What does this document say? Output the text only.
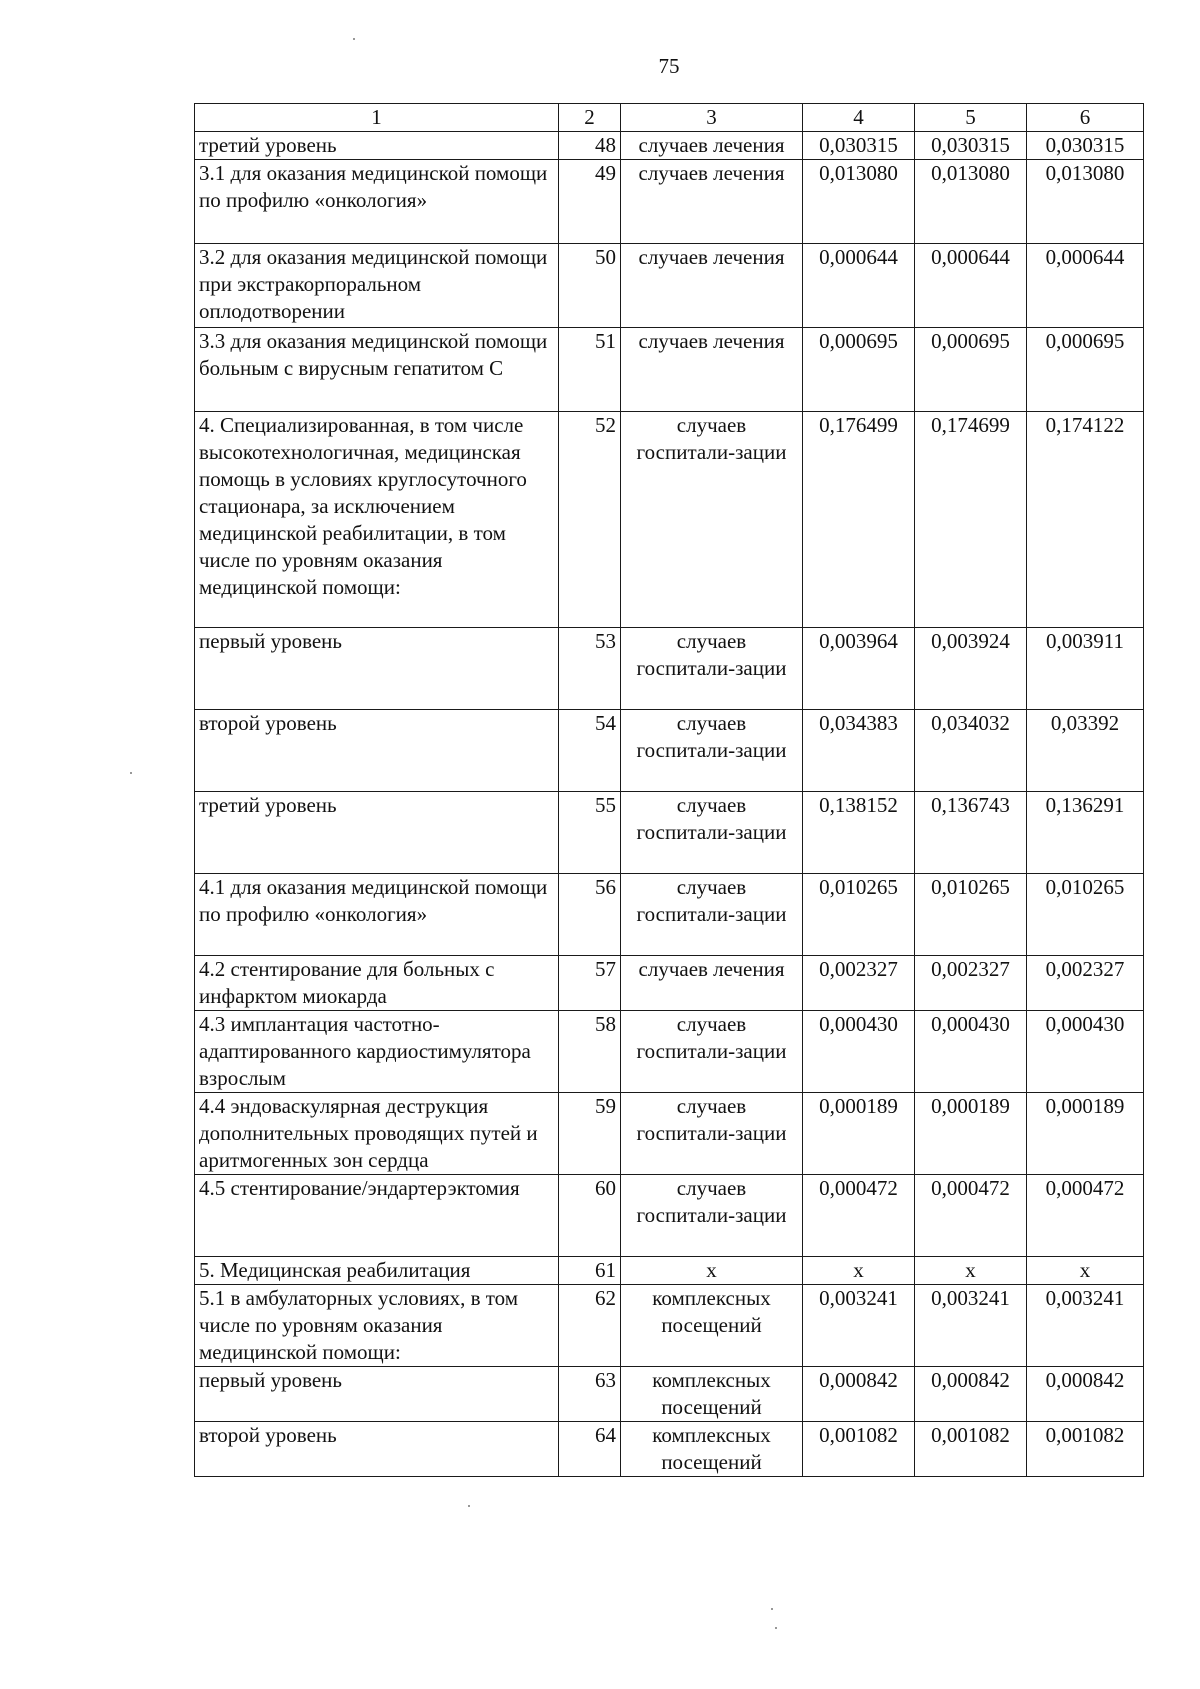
75
1	2	3	4	5	6
третий уровень	48	случаев лечения	0,030315	0,030315	0,030315
3.1 для оказания медицинской помощи по профилю «онкология»	49	случаев лечения	0,013080	0,013080	0,013080
3.2 для оказания медицинской помощи при экстракорпоральном оплодотворении	50	случаев лечения	0,000644	0,000644	0,000644
3.3 для оказания медицинской помощи больным с вирусным гепатитом С	51	случаев лечения	0,000695	0,000695	0,000695
4. Специализированная, в том числе высокотехнологичная, медицинская помощь в условиях круглосуточного стационара, за исключением медицинской реабилитации, в том числе по уровням оказания медицинской помощи:	52	случаев госпитали-зации	0,176499	0,174699	0,174122
первый уровень	53	случаев госпитали-зации	0,003964	0,003924	0,003911
второй уровень	54	случаев госпитали-зации	0,034383	0,034032	0,03392
третий уровень	55	случаев госпитали-зации	0,138152	0,136743	0,136291
4.1 для оказания медицинской помощи по профилю «онкология»	56	случаев госпитали-зации	0,010265	0,010265	0,010265
4.2 стентирование для больных с инфарктом миокарда	57	случаев лечения	0,002327	0,002327	0,002327
4.3 имплантация частотно-адаптированного кардиостимулятора взрослым	58	случаев госпитали-зации	0,000430	0,000430	0,000430
4.4 эндоваскулярная деструкция дополнительных проводящих путей и аритмогенных зон сердца	59	случаев госпитали-зации	0,000189	0,000189	0,000189
4.5 стентирование/эндартерэктомия	60	случаев госпитали-зации	0,000472	0,000472	0,000472
5. Медицинская реабилитация	61	х	х	х	х
5.1 в амбулаторных условиях, в том числе по уровням оказания медицинской помощи:	62	комплексных посещений	0,003241	0,003241	0,003241
первый уровень	63	комплексных посещений	0,000842	0,000842	0,000842
второй уровень	64	комплексных посещений	0,001082	0,001082	0,001082
